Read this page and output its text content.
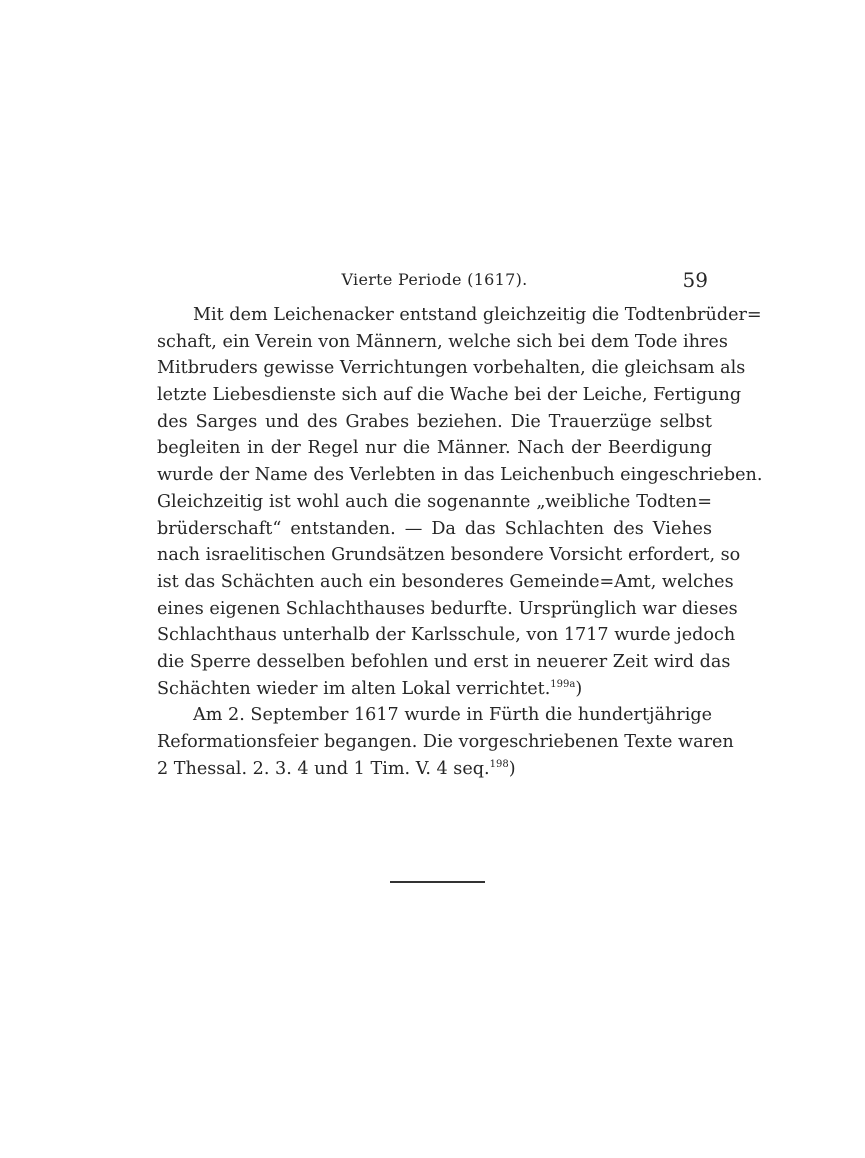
Vierte Periode (1617).	59
Mit dem Leichenacker entstand gleichzeitig die Todtenbrüder=
schaft, ein Verein von Männern, welche sich bei dem Tode ihres
Mitbruders gewisse Verrichtungen vorbehalten, die gleichsam als
letzte Liebesdienste sich auf die Wache bei der Leiche, Fertigung
des Sarges und des Grabes beziehen. Die Trauerzüge selbst
begleiten in der Regel nur die Männer. Nach der Beerdigung
wurde der Name des Verlebten in das Leichenbuch eingeschrieben.
Gleichzeitig ist wohl auch die sogenannte „weibliche Todten=
brüderschaft“ entstanden. — Da das Schlachten des Viehes
nach israelitischen Grundsätzen besondere Vorsicht erfordert, so
ist das Schächten auch ein besonderes Gemeinde=Amt, welches
eines eigenen Schlachthauses bedurfte. Ursprünglich war dieses
Schlachthaus unterhalb der Karlsschule, von 1717 wurde jedoch
die Sperre desselben befohlen und erst in neuerer Zeit wird das
Schächten wieder im alten Lokal verrichtet.$^{199a}$)
Am 2. September 1617 wurde in Fürth die hundertjährige
Reformationsfeier begangen. Die vorgeschriebenen Texte waren
2 Thessal. 2. 3. 4 und 1 Tim. V. 4 seq.$^{198}$)
